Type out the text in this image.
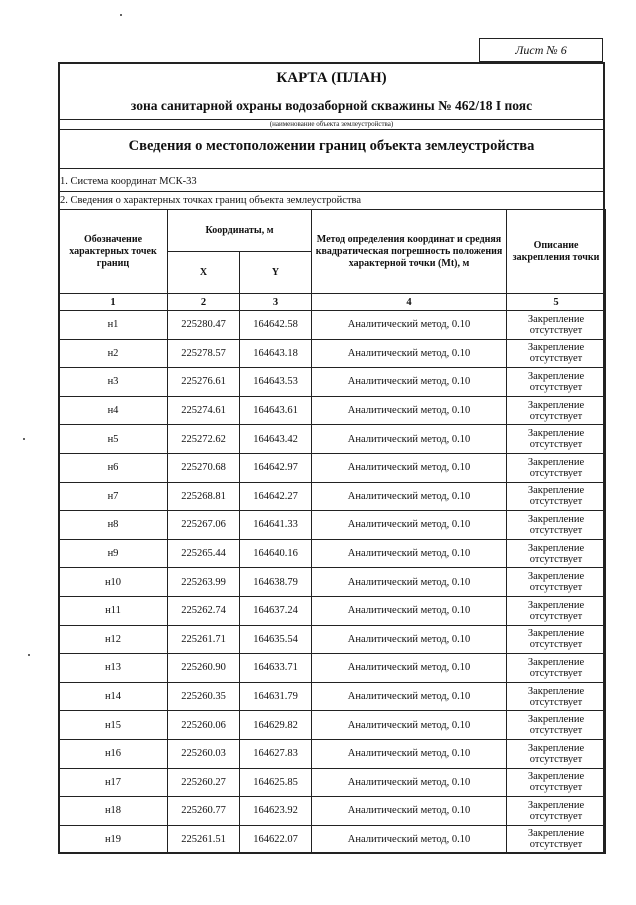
Лист № 6
КАРТА (ПЛАН)
зона санитарной охраны водозаборной скважины № 462/18 I пояс
(наименование объекта землеустройства)
Сведения о местоположении границ объекта землеустройства
1. Система координат МСК-33
2. Сведения о характерных точках границ объекта землеустройства
Обозначение характерных точек границ	Координаты, м		Метод определения координат и средняя квадратическая погрешность положения характерной точки (Mt), м	Описание закрепления точки
	X	Y		
1	2	3	4	5
н1	225280.47	164642.58	Аналитический метод, 0.10	Закрепление отсутствует
н2	225278.57	164643.18	Аналитический метод, 0.10	Закрепление отсутствует
н3	225276.61	164643.53	Аналитический метод, 0.10	Закрепление отсутствует
н4	225274.61	164643.61	Аналитический метод, 0.10	Закрепление отсутствует
н5	225272.62	164643.42	Аналитический метод, 0.10	Закрепление отсутствует
н6	225270.68	164642.97	Аналитический метод, 0.10	Закрепление отсутствует
н7	225268.81	164642.27	Аналитический метод, 0.10	Закрепление отсутствует
н8	225267.06	164641.33	Аналитический метод, 0.10	Закрепление отсутствует
н9	225265.44	164640.16	Аналитический метод, 0.10	Закрепление отсутствует
н10	225263.99	164638.79	Аналитический метод, 0.10	Закрепление отсутствует
н11	225262.74	164637.24	Аналитический метод, 0.10	Закрепление отсутствует
н12	225261.71	164635.54	Аналитический метод, 0.10	Закрепление отсутствует
н13	225260.90	164633.71	Аналитический метод, 0.10	Закрепление отсутствует
н14	225260.35	164631.79	Аналитический метод, 0.10	Закрепление отсутствует
н15	225260.06	164629.82	Аналитический метод, 0.10	Закрепление отсутствует
н16	225260.03	164627.83	Аналитический метод, 0.10	Закрепление отсутствует
н17	225260.27	164625.85	Аналитический метод, 0.10	Закрепление отсутствует
н18	225260.77	164623.92	Аналитический метод, 0.10	Закрепление отсутствует
н19	225261.51	164622.07	Аналитический метод, 0.10	Закрепление отсутствует
